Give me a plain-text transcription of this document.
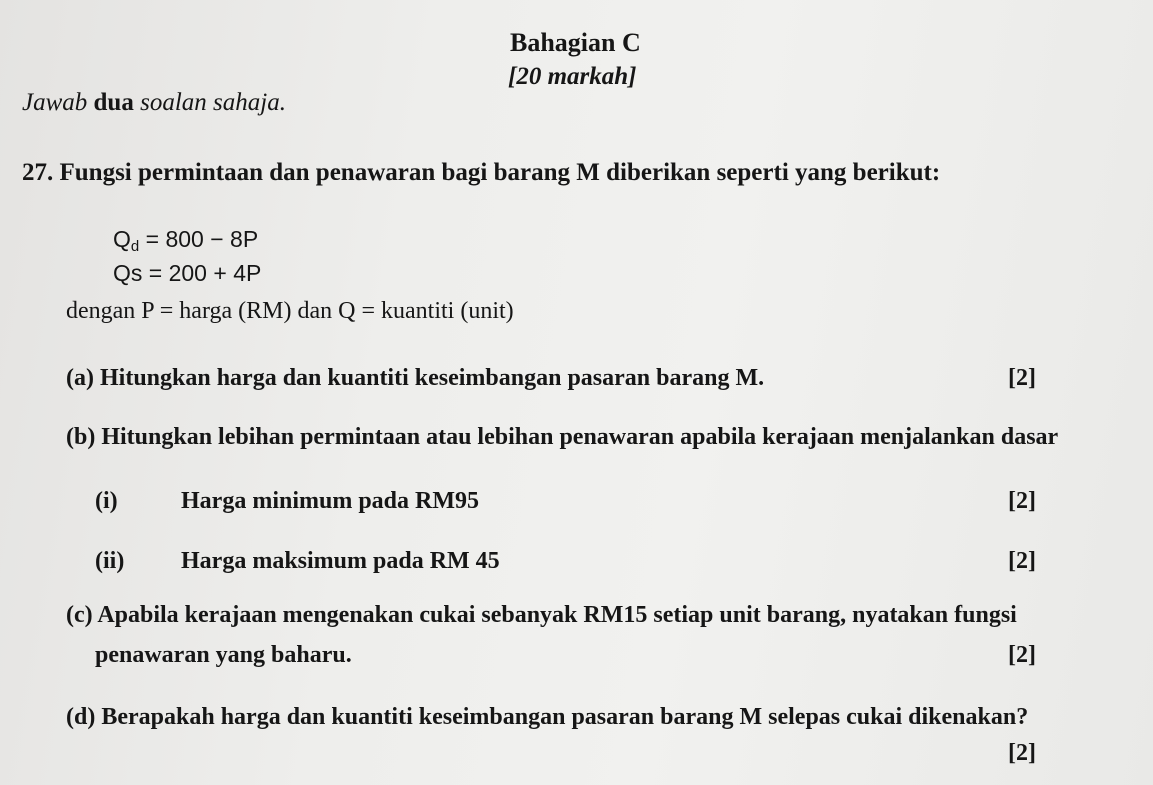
Bahagian C
[20 markah]
Jawab dua soalan sahaja.
27. Fungsi permintaan dan penawaran bagi barang M diberikan seperti yang berikut:
$Q_d = 800 - 8P$
Qs = 200 + 4P
dengan P = harga (RM) dan Q = kuantiti (unit)
(a) Hitungkan harga dan kuantiti keseimbangan pasaran barang M.	[2]
(b) Hitungkan lebihan permintaan atau lebihan penawaran apabila kerajaan menjalankan dasar
(i)	Harga minimum pada RM95	[2]
(ii) Harga maksimum pada RM 45	[2]
(c) Apabila kerajaan mengenakan cukai sebanyak RM15 setiap unit barang, nyatakan fungsi
penawaran yang baharu.	[2]
(d) Berapakah harga dan kuantiti keseimbangan pasaran barang M selepas cukai dikenakan?
[2]
